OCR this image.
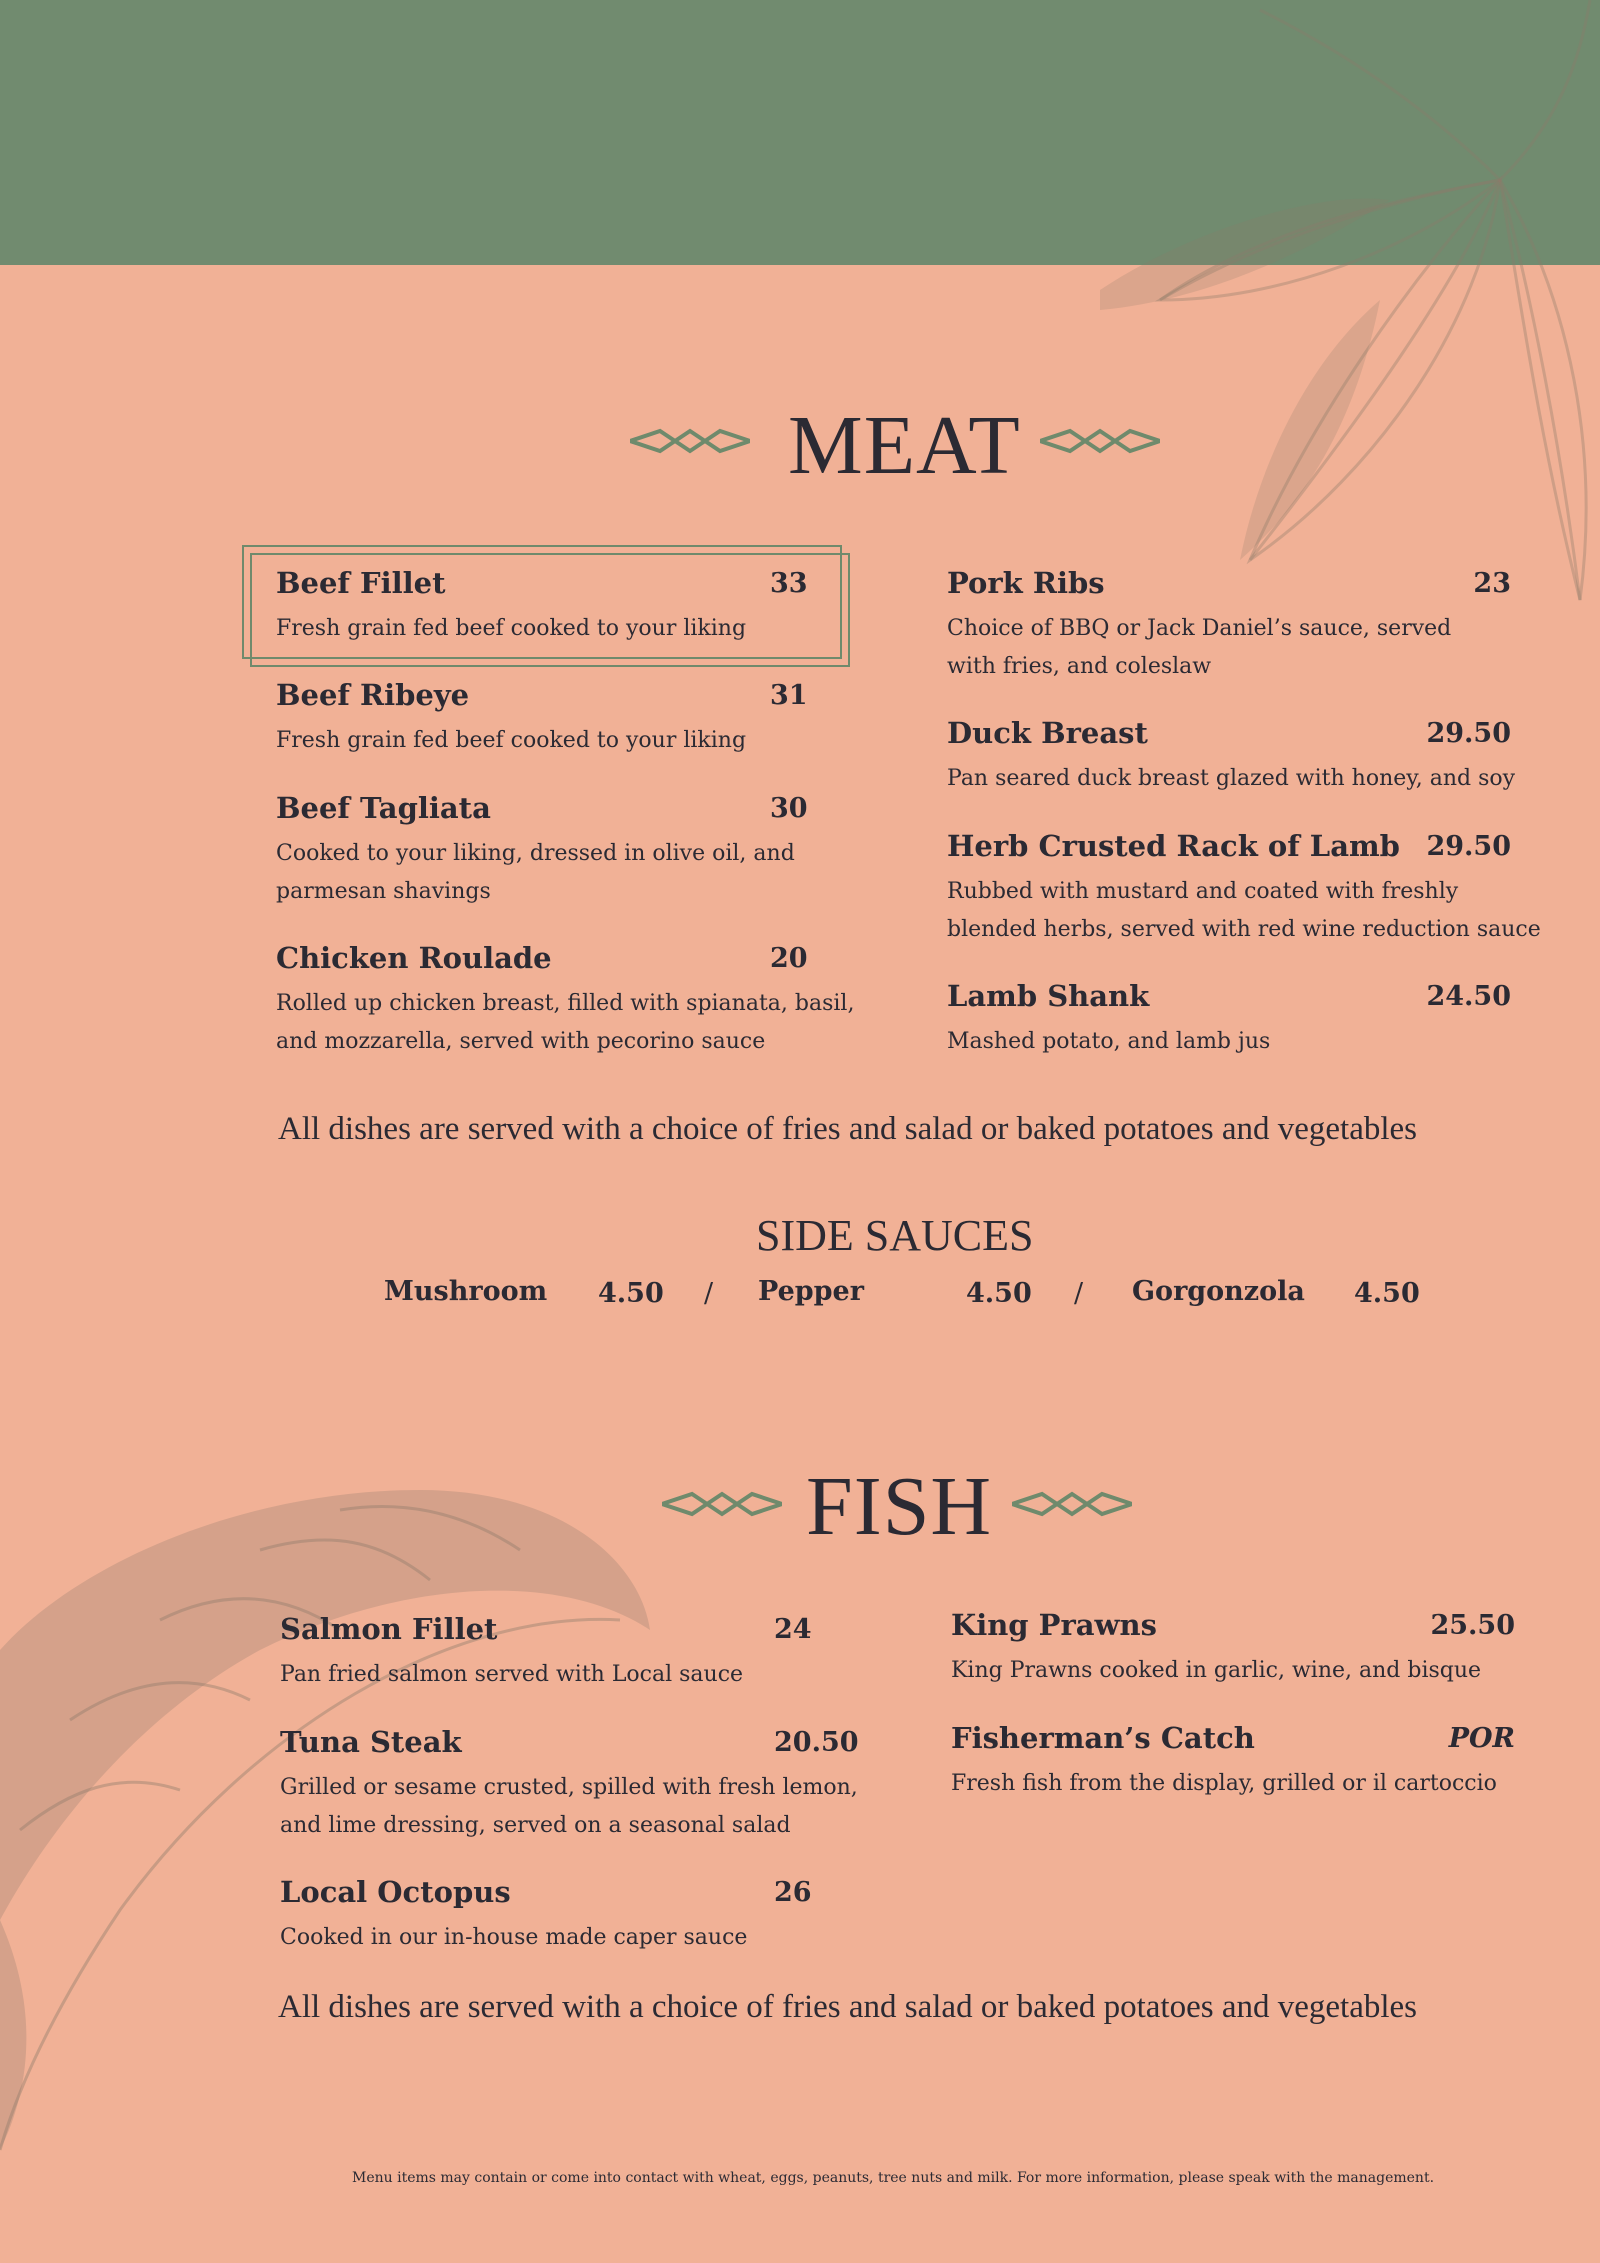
MEAT
Beef Fillet	33
Fresh grain fed beef cooked to your liking
Beef Ribeye	31
Fresh grain fed beef cooked to your liking
Beef Tagliata	30
Cooked to your liking, dressed in olive oil, and parmesan shavings
Chicken Roulade	20
Rolled up chicken breast, filled with spianata, basil, and mozzarella, served with pecorino sauce
Pork Ribs	23
Choice of BBQ or Jack Daniel’s sauce, served with fries, and coleslaw
Duck Breast	29.50
Pan seared duck breast glazed with honey, and soy
Herb Crusted Rack of Lamb 29.50
Rubbed with mustard and coated with freshly blended herbs, served with red wine reduction sauce
Lamb Shank	24.50
Mashed potato, and lamb jus
All dishes are served with a choice of fries and salad or baked potatoes and vegetables
SIDE SAUCES
Mushroom 4.50 / Pepper	4.50 / Gorgonzola 4.50
FISH
Salmon Fillet	24
Pan fried salmon served with Local sauce
Tuna Steak	20.50
Grilled or sesame crusted, spilled with fresh lemon, and lime dressing, served on a seasonal salad
Local Octopus	26
Cooked in our in-house made caper sauce
King Prawns	25.50
King Prawns cooked in garlic, wine, and bisque
Fisherman’s Catch	POR
Fresh fish from the display, grilled or il cartoccio
All dishes are served with a choice of fries and salad or baked potatoes and vegetables
Menu items may contain or come into contact with wheat, eggs, peanuts, tree nuts and milk. For more information, please speak with the management.
